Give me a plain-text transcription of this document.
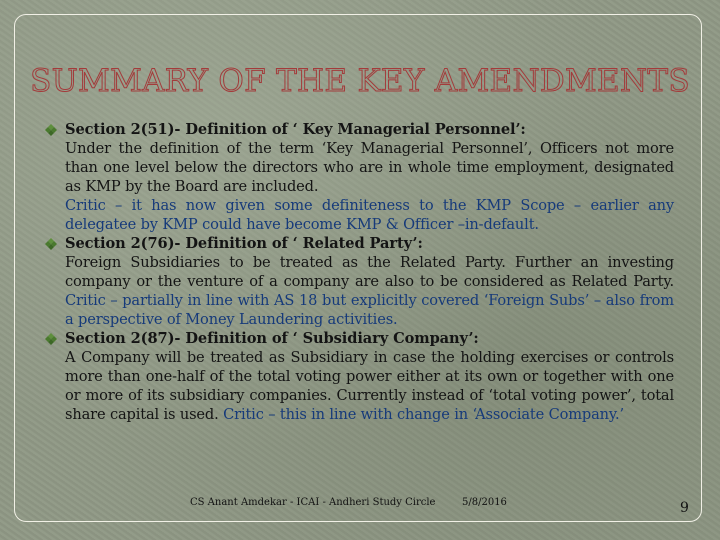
SUMMARY OF THE KEY AMENDMENTS
Section 2(51)- Definition of ‘ Key Managerial Personnel’:
Under the definition of the term ‘Key Managerial Personnel’, Officers not more than one level below the directors who are in whole time employment, designated as KMP by the Board are included.
Critic – it has now given some definiteness to the KMP Scope – earlier any delegatee by KMP could have become KMP & Officer –in-default.
Section 2(76)- Definition of ‘ Related Party’:
Foreign Subsidiaries to be treated as the Related Party. Further an investing company or the venture of a company are also to be considered as Related Party. Critic – partially in line with AS 18 but explicitly covered ‘Foreign Subs’ – also from a perspective of Money Laundering activities.
Section 2(87)- Definition of ‘ Subsidiary Company’:
A Company will be treated as Subsidiary in case the holding exercises or controls more than one-half of the total voting power either at its own or together with one or more of its subsidiary companies. Currently instead of ‘total voting power’, total share capital is used. Critic – this in line with change in ‘Associate Company.’
CS Anant Amdekar - ICAI - Andheri Study Circle	5/8/2016	9
